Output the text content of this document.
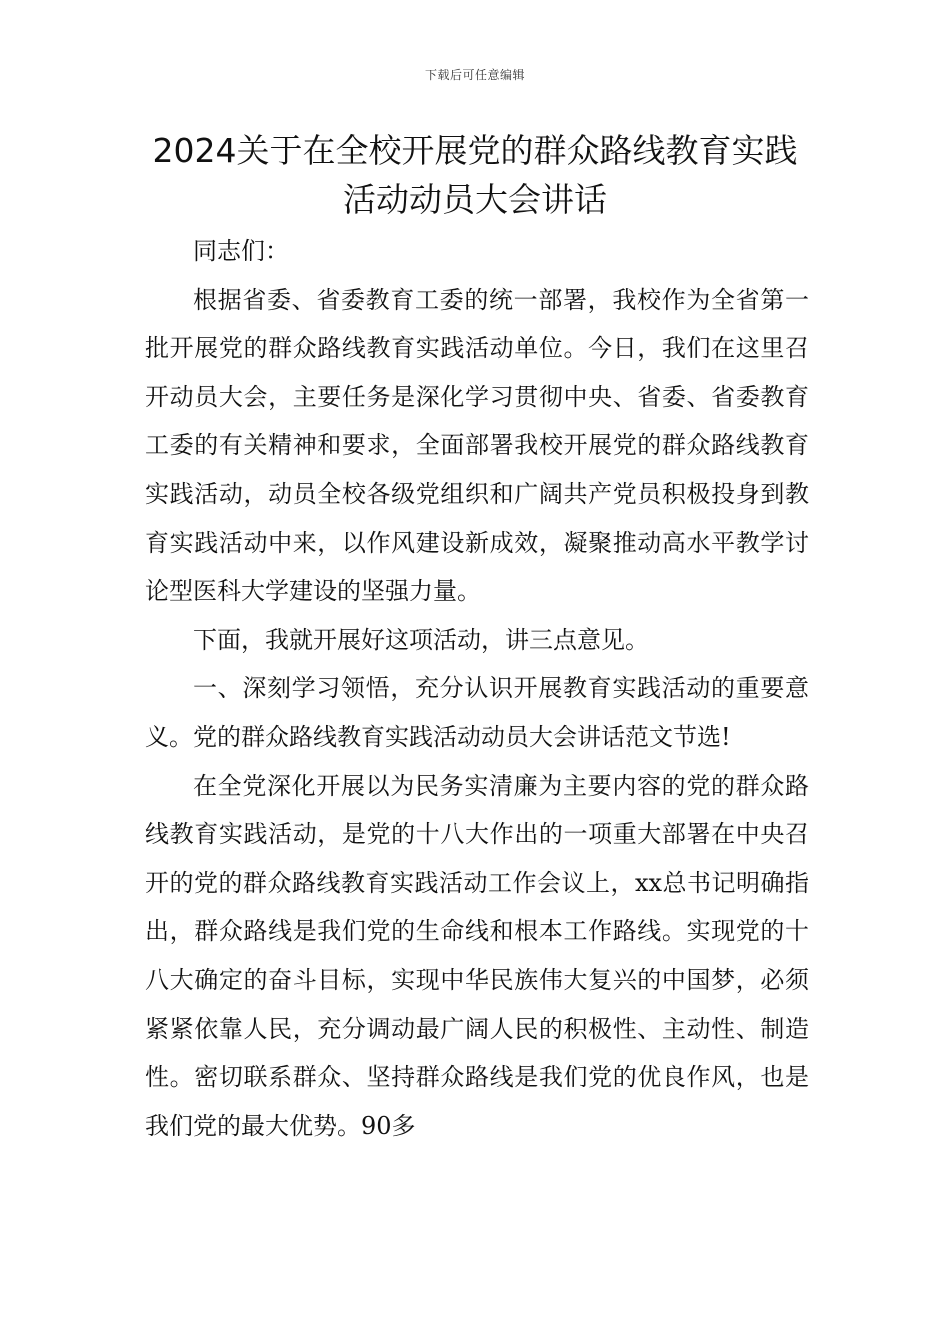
下载后可任意编辑
2024关于在全校开展党的群众路线教育实践活动动员大会讲话

同志们：

根据省委、省委教育工委的统一部署，我校作为全省第一批开展党的群众路线教育实践活动单位。今日，我们在这里召开动员大会，主要任务是深化学习贯彻中央、省委、省委教育工委的有关精神和要求，全面部署我校开展党的群众路线教育实践活动，动员全校各级党组织和广阔共产党员积极投身到教育实践活动中来，以作风建设新成效，凝聚推动高水平教学讨论型医科大学建设的坚强力量。

下面，我就开展好这项活动，讲三点意见。

一、深刻学习领悟，充分认识开展教育实践活动的重要意义。党的群众路线教育实践活动动员大会讲话范文节选!

在全党深化开展以为民务实清廉为主要内容的党的群众路线教育实践活动，是党的十八大作出的一项重大部署在中央召开的党的群众路线教育实践活动工作会议上，xx总书记明确指出，群众路线是我们党的生命线和根本工作路线。实现党的十八大确定的奋斗目标，实现中华民族伟大复兴的中国梦，必须紧紧依靠人民，充分调动最广阔人民的积极性、主动性、制造性。密切联系群众、坚持群众路线是我们党的优良作风，也是我们党的最大优势。90多
